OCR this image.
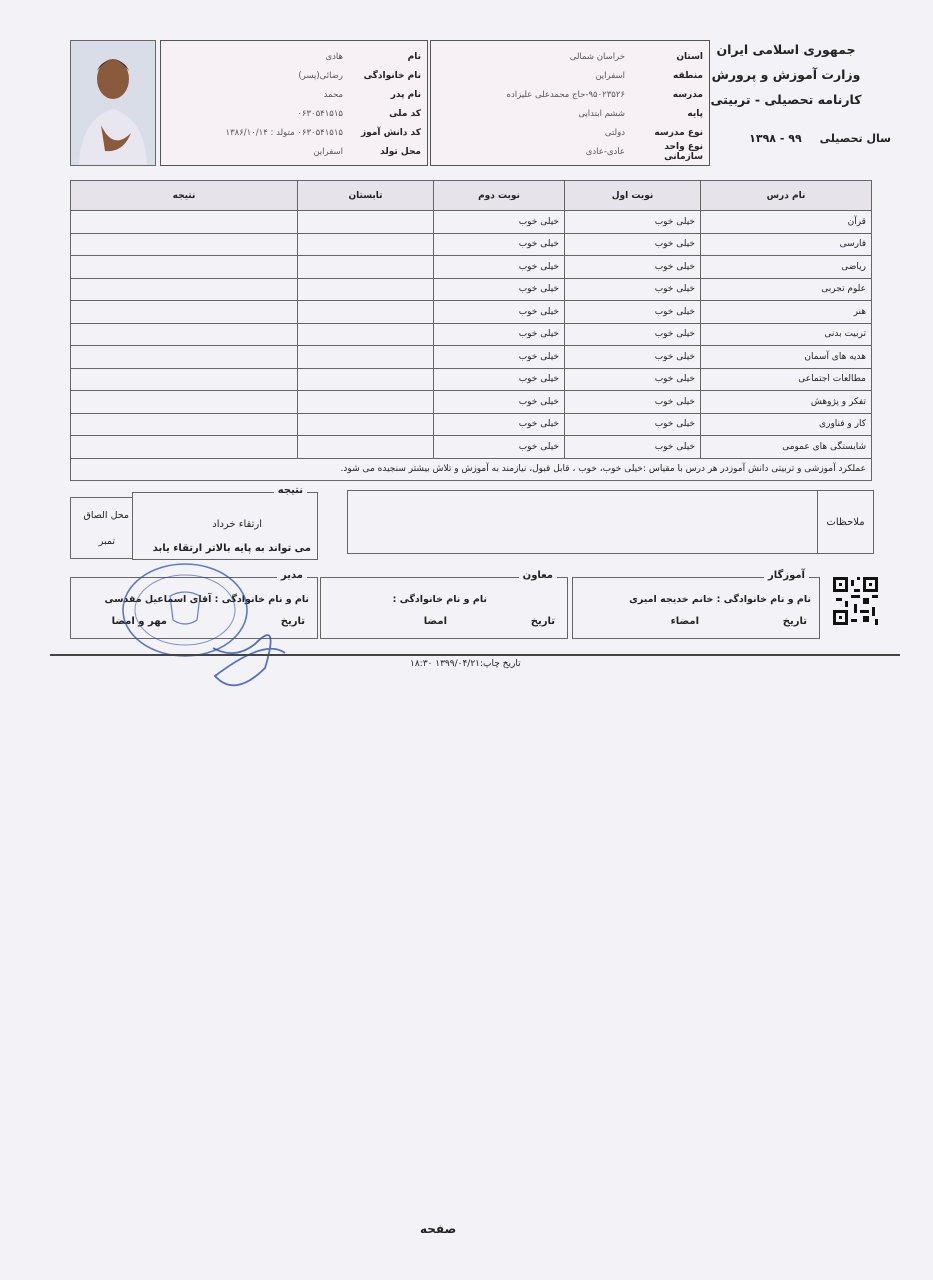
جمهوری اسلامی ایران
وزارت آموزش و پرورش
کارنامه تحصیلی - تربیتی
سال تحصیلی
۹۹ - ۱۳۹۸
استان
خراسان شمالی
منطقه
اسفراین
مدرسه
۹۵۰۲۳۵۲۶-حاج محمدعلی علیزاده
پایه
ششم ابتدایی
نوع مدرسه
دولتی
نوع واحد سازمانی
عادی-عادی
نام
هادی
نام خانوادگی
رضائی(پسر)
نام پدر
محمد
کد ملی
۰۶۳۰۵۴۱۵۱۵
کد دانش آموز
۰۶۳۰۵۴۱۵۱۵ متولد : ۱۳۸۶/۱۰/۱۴
محل تولد
اسفراین
نام درس	نوبت اول	نوبت دوم	تابستان	نتیجه
قرآن	خیلی خوب	خیلی خوب		
فارسی	خیلی خوب	خیلی خوب		
ریاضی	خیلی خوب	خیلی خوب		
علوم تجربی	خیلی خوب	خیلی خوب		
هنر	خیلی خوب	خیلی خوب		
تربیت بدنی	خیلی خوب	خیلی خوب		
هدیه های آسمان	خیلی خوب	خیلی خوب		
مطالعات اجتماعی	خیلی خوب	خیلی خوب		
تفکر و پژوهش	خیلی خوب	خیلی خوب		
کار و فناوری	خیلی خوب	خیلی خوب		
شایستگی های عمومی	خیلی خوب	خیلی خوب		
عملکرد آموزشی و تربیتی دانش آموزدر هر درس با مقیاس :خیلی خوب، خوب ، قابل قبول، نیازمند به آموزش و تلاش بیشتر سنجیده می شود.				
ملاحظات
نتیجه
ارتقاء خرداد
می تواند به پایه بالاتر ارتقاء یابد
محل الصاق
تمبر
آموزگار
نام و نام خانوادگی : خانم خدیجه امیری
تاریخ
امضاء
معاون
نام و نام خانوادگی :
تاریخ
امضا
مدیر
نام و نام خانوادگی : آقای اسماعیل مقدسی
تاریخ
مهر و امضا
تاریخ چاپ:۱۳۹۹/۰۴/۲۱ ۱۸:۳۰
صفحه
